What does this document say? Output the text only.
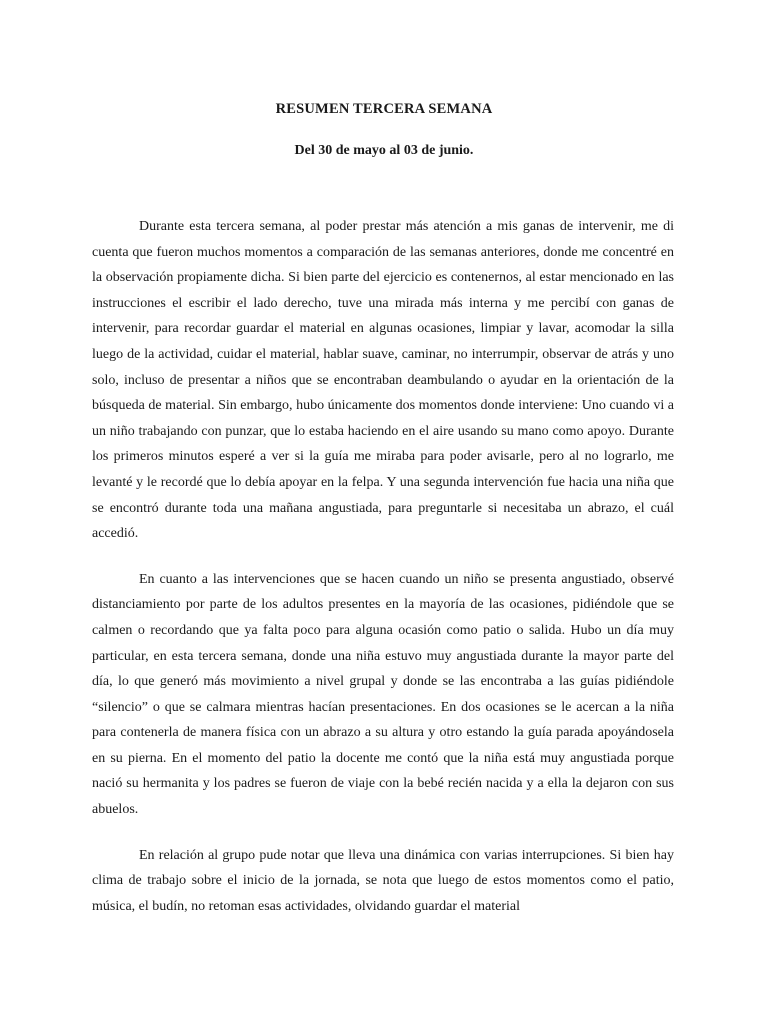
RESUMEN TERCERA SEMANA
Del 30 de mayo al 03 de junio.

Durante esta tercera semana, al poder prestar más atención a mis ganas de intervenir, me di cuenta que fueron muchos momentos a comparación de las semanas anteriores, donde me concentré en la observación propiamente dicha. Si bien parte del ejercicio es contenernos, al estar mencionado en las instrucciones el escribir el lado derecho, tuve una mirada más interna y me percibí con ganas de intervenir, para recordar guardar el material en algunas ocasiones, limpiar y lavar, acomodar la silla luego de la actividad, cuidar el material, hablar suave, caminar, no interrumpir, observar de atrás y uno solo, incluso de presentar a niños que se encontraban deambulando o ayudar en la orientación de la búsqueda de material. Sin embargo, hubo únicamente dos momentos donde interviene: Uno cuando vi a un niño trabajando con punzar, que lo estaba haciendo en el aire usando su mano como apoyo. Durante los primeros minutos esperé a ver si la guía me miraba para poder avisarle, pero al no lograrlo, me levanté y le recordé que lo debía apoyar en la felpa. Y una segunda intervención fue hacia una niña que se encontró durante toda una mañana angustiada, para preguntarle si necesitaba un abrazo, el cuál accedió.

En cuanto a las intervenciones que se hacen cuando un niño se presenta angustiado, observé distanciamiento por parte de los adultos presentes en la mayoría de las ocasiones, pidiéndole que se calmen o recordando que ya falta poco para alguna ocasión como patio o salida. Hubo un día muy particular, en esta tercera semana, donde una niña estuvo muy angustiada durante la mayor parte del día, lo que generó más movimiento a nivel grupal y donde se las encontraba a las guías pidiéndole “silencio” o que se calmara mientras hacían presentaciones. En dos ocasiones se le acercan a la niña para contenerla de manera física con un abrazo a su altura y otro estando la guía parada apoyándosela en su pierna. En el momento del patio la docente me contó que la niña está muy angustiada porque nació su hermanita y los padres se fueron de viaje con la bebé recién nacida y a ella la dejaron con sus abuelos.

En relación al grupo pude notar que lleva una dinámica con varias interrupciones. Si bien hay clima de trabajo sobre el inicio de la jornada, se nota que luego de estos momentos como el patio, música, el budín, no retoman esas actividades, olvidando guardar el material
